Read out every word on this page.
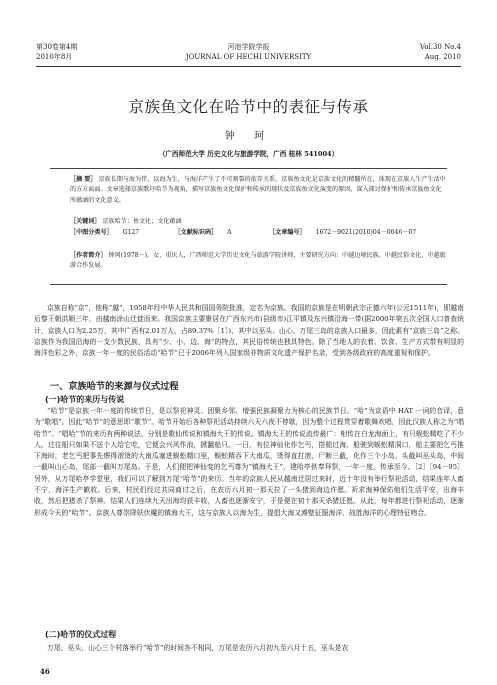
第30卷第4期
2010年8月
河池学院学报
JOURNAL OF HECHI UNIVERSITY
Vol.30 No.4
Aug. 2010
京族鱼文化在哈节中的表征与传承
钟 珂
（广西师范大学 历史文化与旅游学院，广西 桂林 541004）
［摘 要］ 京族长期与海为伴，以海为生，与海洋产生了不可割裂的依存关系。京族鱼文化是京族文化的精髓所在，体现在京族人生产生活中的方方面面。文章选择京族歌圩哈节为视角，描写京族鱼文化保护和传承的现状及京族鱼文化演变的原因，深入探讨保护和传承京族鱼文化所蕴涵的文化意义。
［关键词］ 京族哈节；鱼文化；文化蕴涵
［中图分类号］ G127	［文献标识码］ A	［文章编号］ 1672－9021(2010)04－0046－07
［作者简介］ 钟珂(1978－)，女，重庆人，广西师范大学历史文化与旅游学院讲师，主要研究方向：中越边境民族、中越民俗文化、中越旅游合作发展。

京族自称“京”，他称“越”，1958年经中华人民共和国国务院批准，定名为京族。我国的京族是在明朝武宗正德六年(公元1511年)，即越南后黎王朝洪顺三年，由越南涂山迁徙而来。我国京族主要聚居在广西东兴市(县级市)江平镇及东兴镇沿海一带(据2000年第五次全国人口普查统计，京族人口为2.25万，其中广西有2.01万人，占89.37%［1］)，其中以巫头、山心、万尾三岛的京族人口最多，因此素有“京族三岛”之称。京族作为我国沿海的一支少数民族，具有“少、小、边、海”的特点，其民俗传统也独具特色。除了当地人的衣着、饮食、生产方式带有明显的海洋色彩之外，京族一年一度的民俗活动“哈节”已于2006年列入国家级非物质文化遗产保护名录，受到各级政府的高度重视和保护。

一、京族哈节的来源与仪式过程
(一)哈节的来历与传说

“哈节”是京族一年一度的传统节日，是以祭祀神灵、团聚乡邻、增强民族凝聚力为核心的民族节日。“哈”为京语中 HÁT 一词的音译，意为“歌唱”，因此“哈节”的意思即“歌节”。哈节开始后各种祭祀活动持续六天六夜不停歇，因为整个过程贯穿着歌舞欢唱，因此汉族人称之为“唱哈节”。“唱哈”节的来历有两种说法，分别是歌仙传说和镇海大王的传说。镇海大王的传说流传最广：相传在白龙海面上，有只蜈蚣精吃了不少人。过往船只如果不送个人给它吃，它便会兴风作浪，掀翻船只。一日，有位神仙化作乞丐，搭船过海。船驶到蜈蚣精洞口，船主要把乞丐推下海时，老乞丐把事先煨得滚烫的大南瓜塞进蜈蚣精口里，蜈蚣精吞下大南瓜，烫得直打滚，尸断三截，化作三个小岛。头截叫巫头岛，中间一截叫山心岛，尾部一截叫万尾岛。于是，人们便把神仙变的乞丐尊为“镇海大王”，建哈亭供奉拜祭，一年一度，传承至今。［2］［94－95］另外，从万尾哈亭学堂里，我们可以了解到万尾“哈节”的来历。当年的京族人民从越南迁居过来时，近十年没有举行祭祀活动，结果连年人畜不宁，海洋生产歉收。后来，村民们经过共同商讨之后，在农历六月初一那天拉了一头猪到海边许愿。祈求海神保佑他们生活平安，出海丰收，然后把猪杀了祭神。结果人们连续九天出海均获丰收，人畜也逐渐安宁，于是便在初十那天杀猪还愿。从此，每年都进行祭祀活动，逐渐形成今天的“哈节”。京族人尊崇降妖伏魔的镇海大王，这与京族人以海为生，提倡大海又滩壁征服海洋、战胜海洋的心理特征吻合。

(二)哈节的仪式过程

万尾、巫头、山心三个村落举行“哈节”的时间各不相同，万尾是农历六月初九至六月十五，巫头是农

46
